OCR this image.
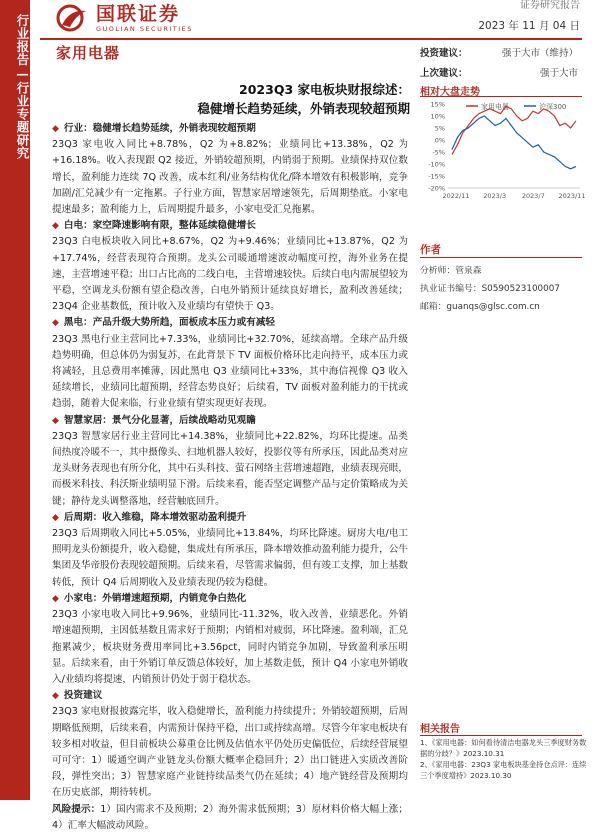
行业报告—行业专题研究	国联证券
GUOLIAN SECURITIES
证券研究报告
2023 年 11 月 04 日
家用电器
2023Q3 家电板块财报综述：
稳健增长趋势延续，外销表现较超预期
◆ 行业：稳健增长趋势延续，外销表现较超预期
23Q3 家电收入同比+8.78%，Q2 为+8.82%；业绩同比+13.38%，Q2 为+16.18%。收入表现跟 Q2 接近，外销较超预期，内销弱于预期。业绩保持双位数增长，盈利能力连续 7Q 改善，成本红利/业务结构优化/降本增效有积极影响，竞争加剧/汇兑减少有一定拖累。子行业方面，智慧家居增速领先，后周期垫底。小家电提速最多；盈利能力上，后周期提升最多，小家电受汇兑拖累。
◆ 白电：家空降速影响有限，整体延续稳健增长
23Q3 白电板块收入同比+8.67%，Q2 为+9.46%；业绩同比+13.87%，Q2 为+17.74%，经营表现符合预期。龙头公司暖通增速波动幅度可控，海外业务在提速，主营增速平稳；出口占比高的二线白电，主营增速较快。后续白电内需展望较为平稳，空调龙头份额有望企稳改善，白电外销预计延续良好增长，盈利改善延续；23Q4 企业基数低，预计收入及业绩均有望快于 Q3。
◆ 黑电：产品升级大势所趋，面板成本压力或有减轻
23Q3 黑电行业主营同比+7.33%，业绩同比+32.70%，延续高增。全球产品升级趋势明确，但总体仍为弱复苏，在此背景下 TV 面板价格环比走向持平，成本压力或将减轻，且总费用率摊薄，因此黑电 Q3 业绩同比+33%，其中海信视像 Q3 收入延续增长，业绩同比超预期，经营态势良好；后续看，TV 面板对盈利能力的干扰或趋弱，随着大促来临，行业业绩有望实现更好表现。
◆ 智慧家居：景气分化显著，后续战略动见观瞻
23Q3 智慧家居行业主营同比+14.38%，业绩同比+22.82%，均环比提速。品类间热度冷暖不一，其中摄像头、扫地机器人较好，投影仪等有所承压，因此品类对应龙头财务表现也有所分化，其中石头科技、萤石网络主营增速超跑，业绩表现亮眼，而极米科技、科沃斯业绩明显下滑。后续来看，能否坚定调整产品与定价策略成为关键；静待龙头调整落地，经营触底回升。
◆ 后周期：收入维稳，降本增效驱动盈利提升
23Q3 后周期收入同比+5.05%，业绩同比+13.84%，均环比降速。厨房大电/电工照明龙头份额提升，收入稳健，集成灶有所承压，降本增效推动盈利能力提升，公牛集团及华帝股份表现较超预期。后续来看，尽管需求偏弱，但有竣工支撑，加上基数转低，预计 Q4 后周期收入及业绩表现仍较为稳健。
◆ 小家电：外销增速超预期，内销竞争白热化
23Q3 小家电收入同比+9.96%，业绩同比-11.32%，收入改善，业绩恶化。外销增速超预期，主因低基数且需求好于预期；内销相对疲弱，环比降速。盈利端，汇兑拖累减少，板块财务费用率同比+3.56pct，同时内销竞争加剧，导致盈利承压明显。后续来看，由于外销订单反馈总体较好，加上基数走低，预计 Q4 小家电外销收入/业绩均将提速，内销预计仍处于弱于稳状态。
◆ 投资建议
23Q3 家电财报披露完毕，收入稳健增长，盈利能力持续提升；外销较超预期，后周期略低预期，后续来看，内需预计保持平稳，出口或持续高增。尽管今年家电板块有较多相对收益，但目前板块公募重仓比例及估值水平仍处历史偏低位，后续经营展望可可守：1）暖通空调产业链龙头份额大概率企稳回升；2）出口链进入实质改善阶段，弹性突出；3）智慧家庭产业链持续品类气仍在延续；4）地产链经营及预期均在历史底部，期待转机。
风险提示：1）国内需求不及预期；2）海外需求低预期；3）原材料价格大幅上涨；4）汇率大幅波动风险。
投资建议：	强于大市（维持）
上次建议：	强于大市
相对大盘走势
家用电器	沪深300
15%
10%
5%
0%
-5%
-10%
-15%
-20%
2022/11 2023/3 2023/7 2023/11
作者
分析师：管泉森
执业证书编号：S0590523100007
邮箱：guanqs@glsc.com.cn
相关报告
1、《家用电器：如何看待清洁电器龙头三季度财务数据的分歧？》2023.10.31
2、《家用电器：23Q3 家电板块基金持仓点评：连续三个季度增持》2023.10.30
